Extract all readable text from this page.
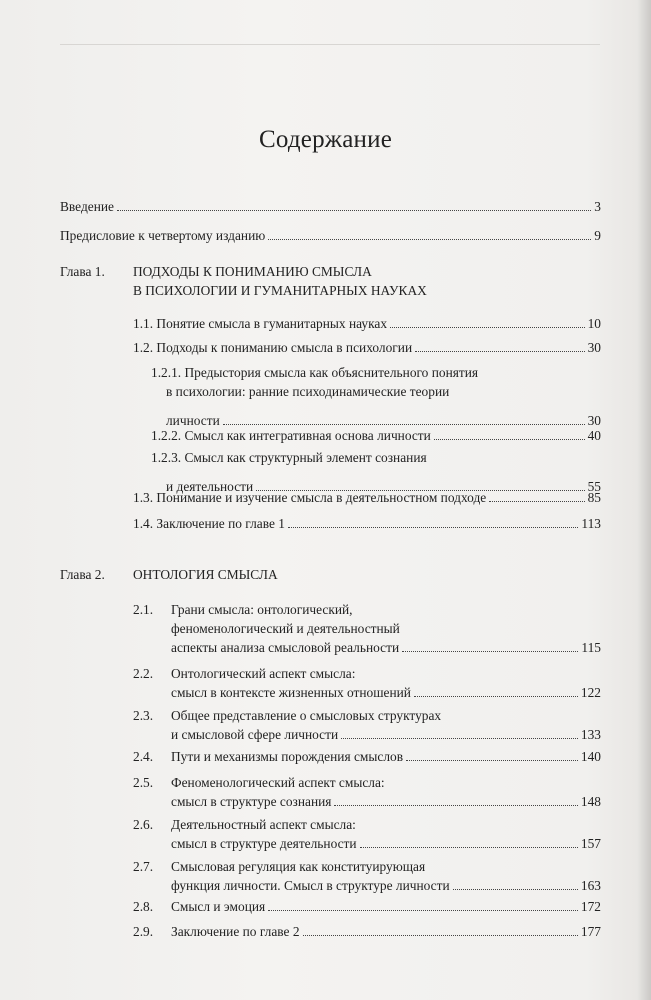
Содержание
Введение	3
Предисловие к четвертому изданию	9
Глава 1. ПОДХОДЫ К ПОНИМАНИЮ СМЫСЛА
В ПСИХОЛОГИИ И ГУМАНИТАРНЫХ НАУКАХ
1.1. Понятие смысла в гуманитарных науках	10
1.2. Подходы к пониманию смысла в психологии	30
1.2.1. Предыстория смысла как объяснительного понятия
в психологии: ранние психодинамические теории
личности	30
1.2.2. Смысл как интегративная основа личности	40
1.2.3. Смысл как структурный элемент сознания
и деятельности	55
1.3. Понимание и изучение смысла в деятельностном подходе	85
1.4. Заключение по главе 1	113
Глава 2. ОНТОЛОГИЯ СМЫСЛА
2.1. Грани смысла: онтологический,
феноменологический и деятельностный
аспекты анализа смысловой реальности	115
2.2. Онтологический аспект смысла:
смысл в контексте жизненных отношений	122
2.3. Общее представление о смысловых структурах
и смысловой сфере личности	133
2.4. Пути и механизмы порождения смыслов	140
2.5. Феноменологический аспект смысла:
смысл в структуре сознания	148
2.6. Деятельностный аспект смысла:
смысл в структуре деятельности	157
2.7. Смысловая регуляция как конституирующая
функция личности. Смысл в структуре личности	163
2.8. Смысл и эмоция	172
2.9. Заключение по главе 2	177
